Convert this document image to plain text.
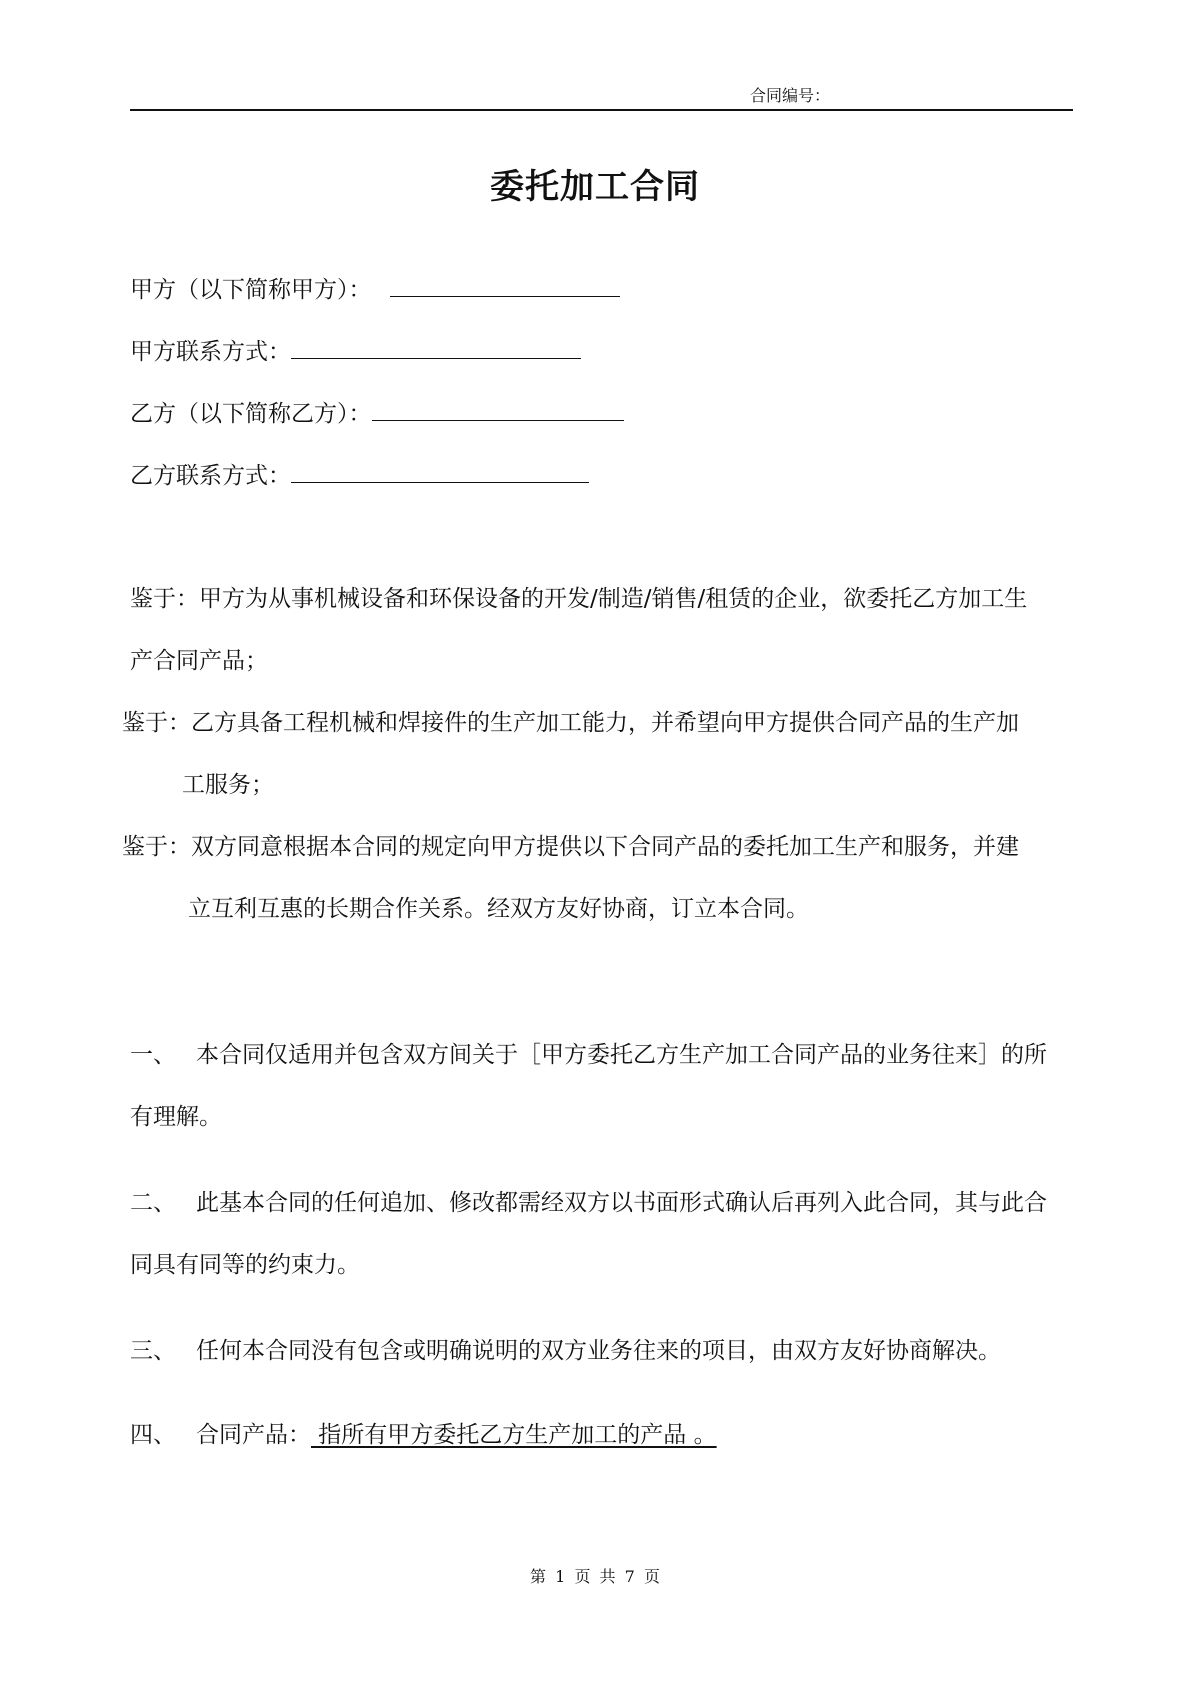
合同编号：
委托加工合同
甲方（以下简称甲方）：
甲方联系方式：
乙方（以下简称乙方）：
乙方联系方式：
鉴于：甲方为从事机械设备和环保设备的开发/制造/销售/租赁的企业，欲委托乙方加工生
产合同产品；
鉴于：乙方具备工程机械和焊接件的生产加工能力，并希望向甲方提供合同产品的生产加
工服务；
鉴于：双方同意根据本合同的规定向甲方提供以下合同产品的委托加工生产和服务，并建
立互利互惠的长期合作关系。经双方友好协商，订立本合同。
一、 本合同仅适用并包含双方间关于［甲方委托乙方生产加工合同产品的业务往来］的所
有理解。
二、 此基本合同的任何追加、修改都需经双方以书面形式确认后再列入此合同，其与此合
同具有同等的约束力。
三、 任何本合同没有包含或明确说明的双方业务往来的项目，由双方友好协商解决。
四、 合同产品： 指所有甲方委托乙方生产加工的产品 。
第 1 页 共 7 页
